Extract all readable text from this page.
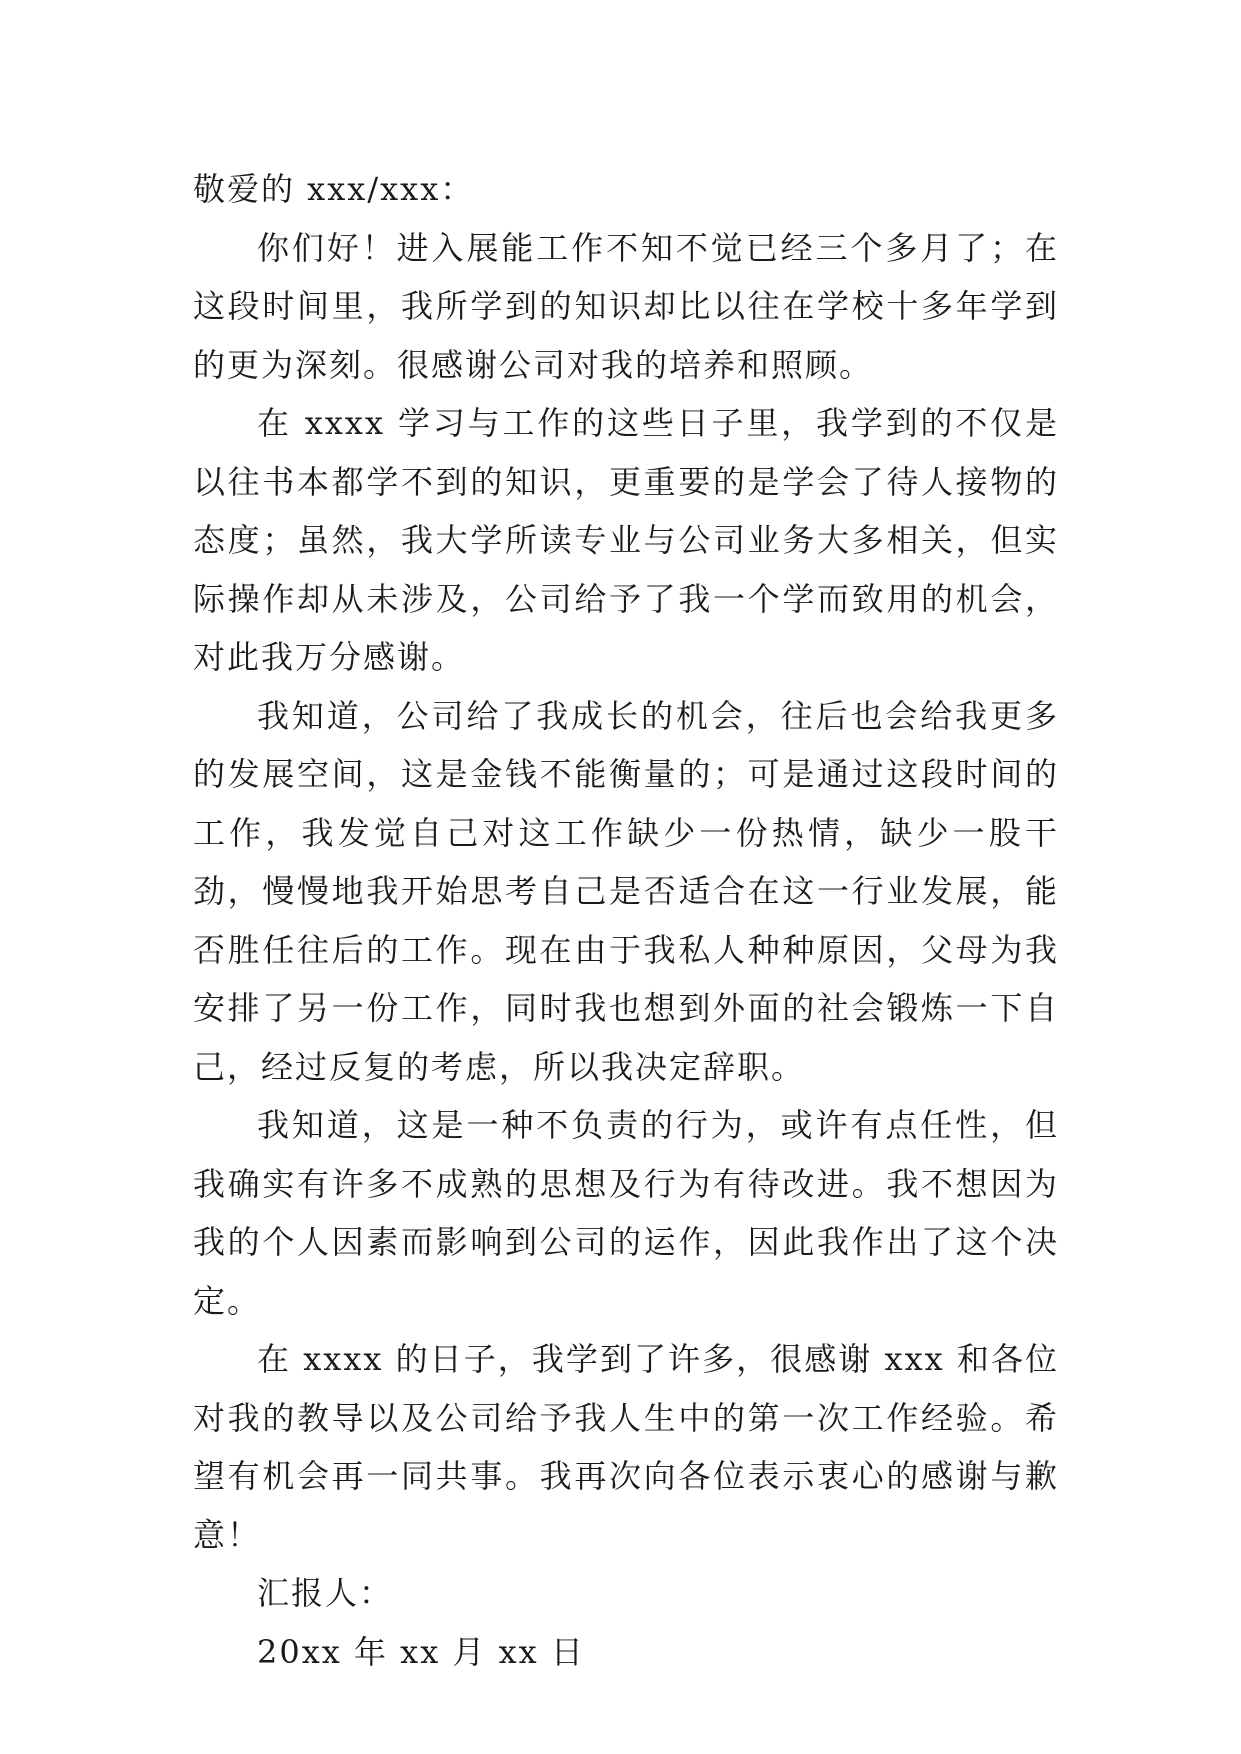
敬爱的 xxx/xxx：

你们好！进入展能工作不知不觉已经三个多月了；在这段时间里，我所学到的知识却比以往在学校十多年学到的更为深刻。很感谢公司对我的培养和照顾。

在 xxxx 学习与工作的这些日子里，我学到的不仅是以往书本都学不到的知识，更重要的是学会了待人接物的态度；虽然，我大学所读专业与公司业务大多相关，但实际操作却从未涉及，公司给予了我一个学而致用的机会，对此我万分感谢。

我知道，公司给了我成长的机会，往后也会给我更多的发展空间，这是金钱不能衡量的；可是通过这段时间的工作，我发觉自己对这工作缺少一份热情，缺少一股干劲，慢慢地我开始思考自己是否适合在这一行业发展，能否胜任往后的工作。现在由于我私人种种原因，父母为我安排了另一份工作，同时我也想到外面的社会锻炼一下自己，经过反复的考虑，所以我决定辞职。

我知道，这是一种不负责的行为，或许有点任性，但我确实有许多不成熟的思想及行为有待改进。我不想因为我的个人因素而影响到公司的运作，因此我作出了这个决定。

在 xxxx 的日子，我学到了许多，很感谢 xxx 和各位对我的教导以及公司给予我人生中的第一次工作经验。希望有机会再一同共事。我再次向各位表示衷心的感谢与歉意！

汇报人：

20xx 年 xx 月 xx 日
